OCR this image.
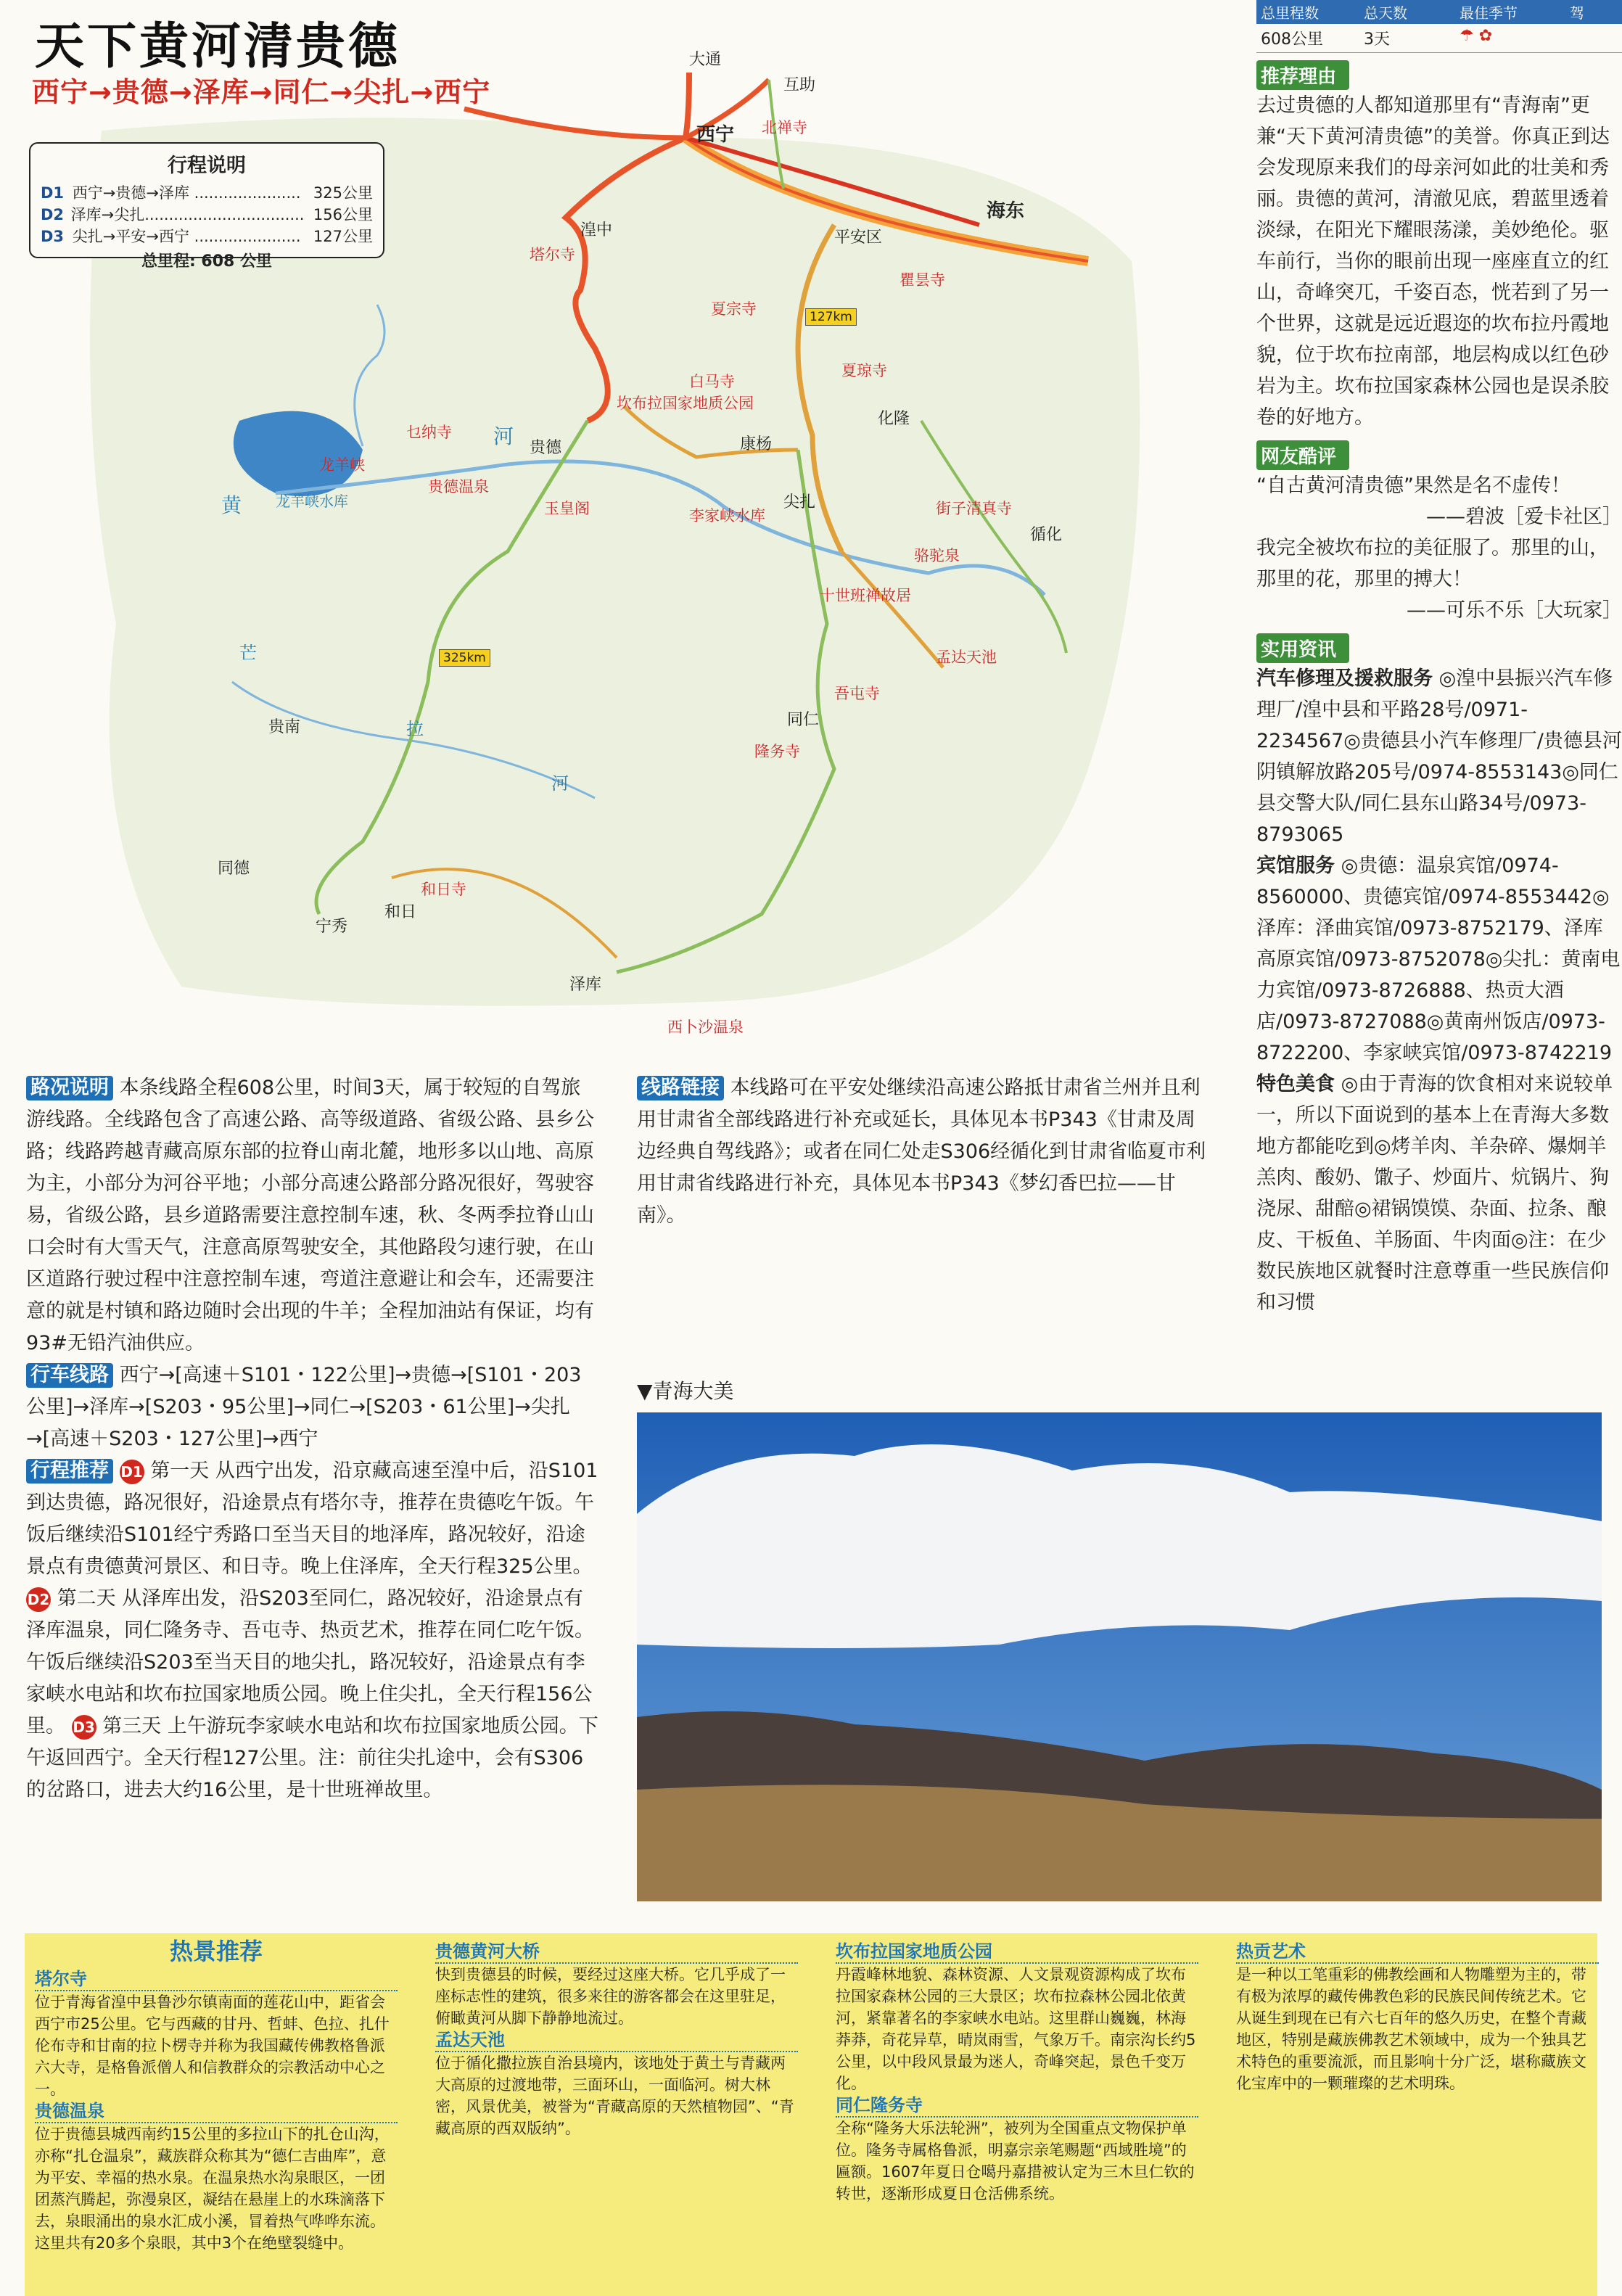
天下黄河清贵德
西宁→贵德→泽库→同仁→尖扎→西宁
行程说明
D1 西宁→贵德→泽库 ...................... 325公里
D2 泽库→尖扎................................. 156公里
D3 尖扎→平安→西宁 ...................... 127公里
总里程: 608 公里
大通
互助
西宁
海东
湟中	平安区
化隆
循化
贵德	康杨
尖扎
同仁
贵南
同德
宁秀
和日
泽库
北禅寺
塔尔寺
瞿昙寺
夏宗寺
白马寺
坎布拉国家地质公园
夏琼寺
乜纳寺
龙羊峡
贵德温泉
玉皇阁	李家峡水库	街子清真寺
骆驼泉
十世班禅故居
孟达天池
吾屯寺
隆务寺
和日寺
西卜沙温泉
黄
河
芒
拉
河
龙羊峡水库
127km
325km
路况说明 本条线路全程608公里，时间3天，属于较短的自驾旅游线路。全线路包含了高速公路、高等级道路、省级公路、县乡公路；线路跨越青藏高原东部的拉脊山南北麓，地形多以山地、高原为主，小部分为河谷平地；小部分高速公路部分路况很好，驾驶容易，省级公路，县乡道路需要注意控制车速，秋、冬两季拉脊山山口会时有大雪天气，注意高原驾驶安全，其他路段匀速行驶，在山区道路行驶过程中注意控制车速，弯道注意避让和会车，还需要注意的就是村镇和路边随时会出现的牛羊；全程加油站有保证，均有93#无铅汽油供应。
行车线路 西宁→[高速＋S101・122公里]→贵德→[S101・203公里]→泽库→[S203・95公里]→同仁→[S203・61公里]→尖扎→[高速＋S203・127公里]→西宁
行程推荐 D1 第一天 从西宁出发，沿京藏高速至湟中后，沿S101到达贵德，路况很好，沿途景点有塔尔寺，推荐在贵德吃午饭。午饭后继续沿S101经宁秀路口至当天目的地泽库，路况较好，沿途景点有贵德黄河景区、和日寺。晚上住泽库，全天行程325公里。 D2 第二天 从泽库出发，沿S203至同仁，路况较好，沿途景点有泽库温泉，同仁隆务寺、吾屯寺、热贡艺术，推荐在同仁吃午饭。午饭后继续沿S203至当天目的地尖扎，路况较好，沿途景点有李家峡水电站和坎布拉国家地质公园。晚上住尖扎，全天行程156公里。 D3 第三天 上午游玩李家峡水电站和坎布拉国家地质公园。下午返回西宁。全天行程127公里。注：前往尖扎途中，会有S306的岔路口，进去大约16公里，是十世班禅故里。
线路链接 本线路可在平安处继续沿高速公路抵甘肃省兰州并且利用甘肃省全部线路进行补充或延长，具体见本书P343《甘肃及周边经典自驾线路》；或者在同仁处走S306经循化到甘肃省临夏市利用甘肃省线路进行补充，具体见本书P343《梦幻香巴拉——甘南》。
▼青海大美
总里程数	总天数	最佳季节	驾
608公里	3天	☂ ✿
推荐理由
去过贵德的人都知道那里有“青海南”更兼“天下黄河清贵德”的美誉。你真正到达会发现原来我们的母亲河如此的壮美和秀丽。贵德的黄河，清澈见底，碧蓝里透着淡绿，在阳光下耀眼荡漾，美妙绝伦。驱车前行，当你的眼前出现一座座直立的红山，奇峰突兀，千姿百态，恍若到了另一个世界，这就是远近遐迩的坎布拉丹霞地貌，位于坎布拉南部，地层构成以红色砂岩为主。坎布拉国家森林公园也是误杀胶卷的好地方。
网友酷评
“自古黄河清贵德”果然是名不虚传！
——碧波［爱卡社区］
我完全被坎布拉的美征服了。那里的山，那里的花，那里的搏大！
——可乐不乐［大玩家］
实用资讯
汽车修理及援救服务 ◎湟中县振兴汽车修理厂/湟中县和平路28号/0971-2234567◎贵德县小汽车修理厂/贵德县河阴镇解放路205号/0974-8553143◎同仁县交警大队/同仁县东山路34号/0973-8793065
宾馆服务 ◎贵德：温泉宾馆/0974-8560000、贵德宾馆/0974-8553442◎泽库：泽曲宾馆/0973-8752179、泽库高原宾馆/0973-8752078◎尖扎：黄南电力宾馆/0973-8726888、热贡大酒店/0973-8727088◎黄南州饭店/0973-8722200、李家峡宾馆/0973-8742219
特色美食 ◎由于青海的饮食相对来说较单一，所以下面说到的基本上在青海大多数地方都能吃到◎烤羊肉、羊杂碎、爆炯羊羔肉、酸奶、馓子、炒面片、炕锅片、狗浇尿、甜醅◎裙锅馍馍、杂面、拉条、酿皮、干板鱼、羊肠面、牛肉面◎注：在少数民族地区就餐时注意尊重一些民族信仰和习惯
热景推荐
塔尔寺
位于青海省湟中县鲁沙尔镇南面的莲花山中，距省会西宁市25公里。它与西藏的甘丹、哲蚌、色拉、扎什伦布寺和甘南的拉卜楞寺并称为我国藏传佛教格鲁派六大寺，是格鲁派僧人和信教群众的宗教活动中心之一。
贵德温泉
位于贵德县城西南约15公里的多拉山下的扎仓山沟，亦称“扎仓温泉”，藏族群众称其为“德仁吉曲库”，意为平安、幸福的热水泉。在温泉热水沟泉眼区，一团团蒸汽腾起，弥漫泉区，凝结在悬崖上的水珠滴落下去，泉眼涌出的泉水汇成小溪，冒着热气哗哗东流。这里共有20多个泉眼，其中3个在绝壁裂缝中。
贵德黄河大桥
快到贵德县的时候，要经过这座大桥。它几乎成了一座标志性的建筑，很多来往的游客都会在这里驻足，俯瞰黄河从脚下静静地流过。
孟达天池
位于循化撒拉族自治县境内，该地处于黄土与青藏两大高原的过渡地带，三面环山，一面临河。树大林密，风景优美，被誉为“青藏高原的天然植物园”、“青藏高原的西双版纳”。
坎布拉国家地质公园
丹霞峰林地貌、森林资源、人文景观资源构成了坎布拉国家森林公园的三大景区；坎布拉森林公园北依黄河，紧靠著名的李家峡水电站。这里群山巍巍，林海莽莽，奇花异草，晴岚雨雪，气象万千。南宗沟长约5公里，以中段风景最为迷人，奇峰突起，景色千变万化。
同仁隆务寺
全称“隆务大乐法轮洲”，被列为全国重点文物保护单位。隆务寺属格鲁派，明嘉宗亲笔赐题“西域胜境”的匾额。1607年夏日仓噶丹嘉措被认定为三木旦仁钦的转世，逐渐形成夏日仓活佛系统。
热贡艺术
是一种以工笔重彩的佛教绘画和人物雕塑为主的，带有极为浓厚的藏传佛教色彩的民族民间传统艺术。它从诞生到现在已有六七百年的悠久历史，在整个青藏地区，特别是藏族佛教艺术领域中，成为一个独具艺术特色的重要流派，而且影响十分广泛，堪称藏族文化宝库中的一颗璀璨的艺术明珠。
